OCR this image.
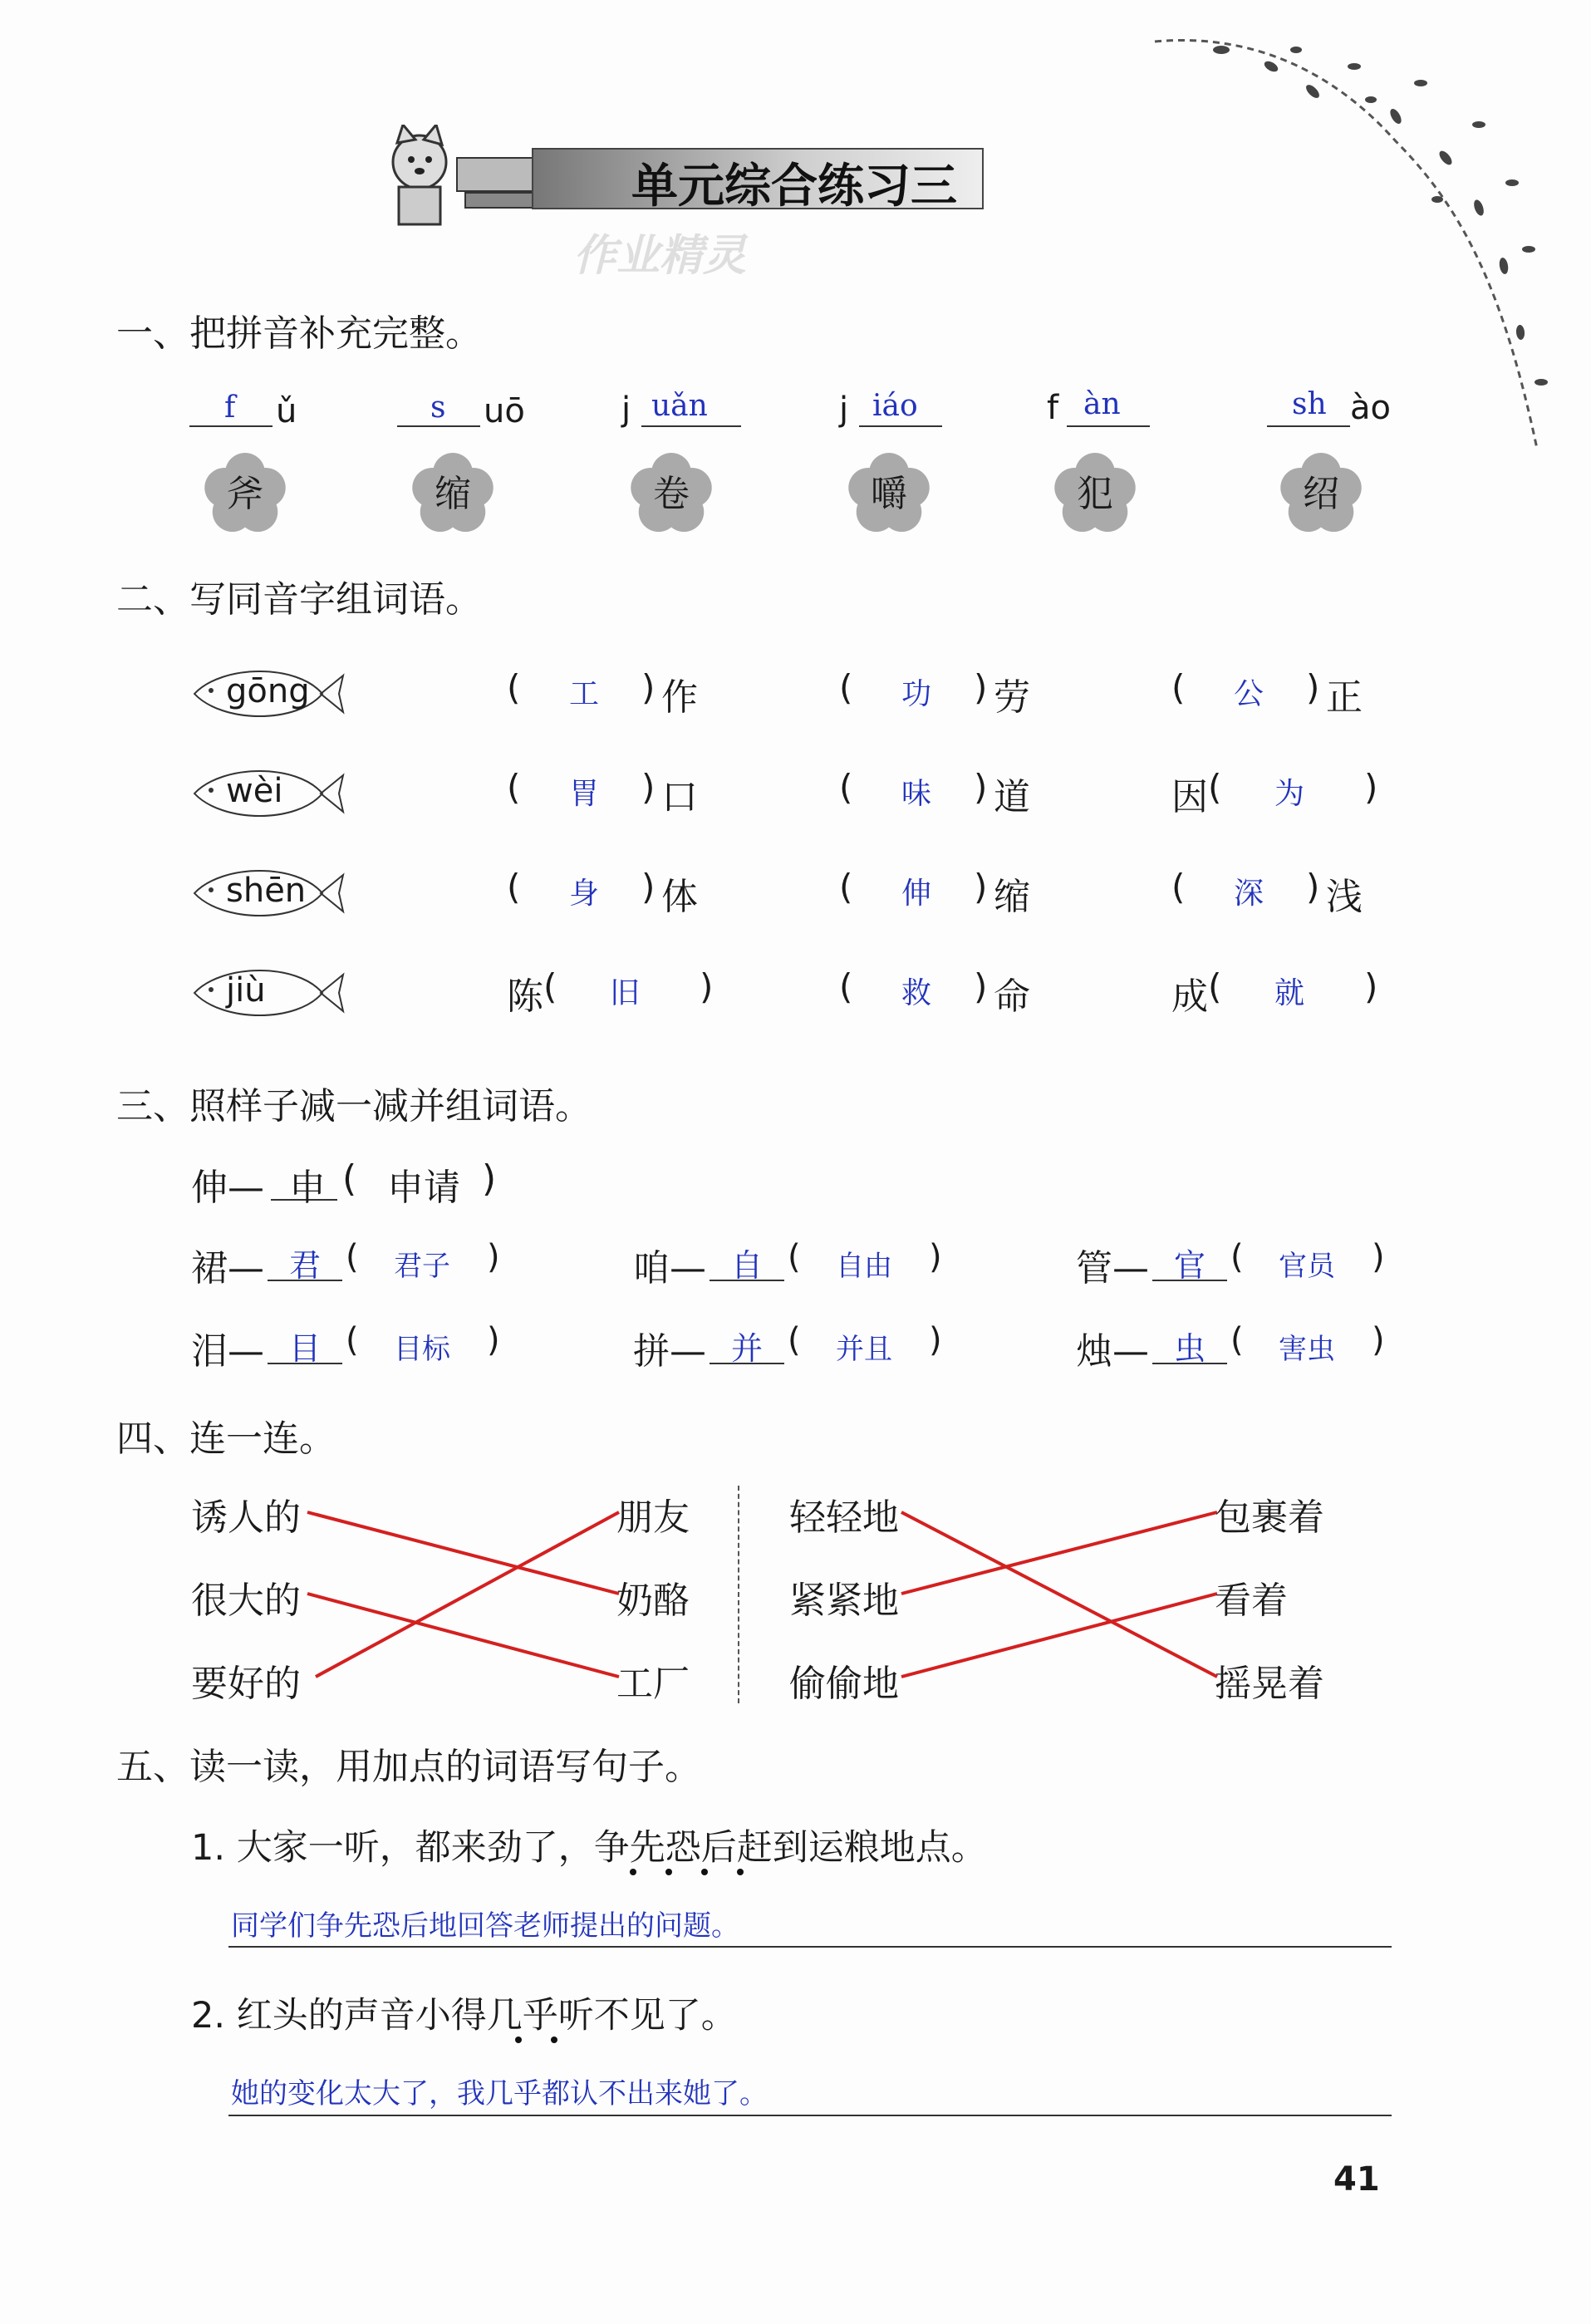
单元综合练习三
作业精灵
一、把拼音补充完整。
f ǔ	s uō	j uǎn	j iáo	f àn	sh ào
斧	缩	卷	嚼	犯	绍
二、写同音字组词语。
gōng	( 工 ) 作	( 功 ) 劳	( 公 ) 正
wèi	( 胃 ) 口	( 味 ) 道	因 ( 为 )
shēn	( 身 ) 体	( 伸 ) 缩	( 深 ) 浅
jiù	陈 ( 旧 )	( 救 ) 命	成 ( 就 )
三、照样子减一减并组词语。
伸— 申 ( 申请 )
裙— 君 ( 君子 )	咱— 自 ( 自由 )	管— 官 ( 官员 )
泪— 目 ( 目标 )	拼— 并 ( 并且 )	烛— 虫 ( 害虫 )
四、连一连。
诱人的
很大的
要好的
朋友
奶酪
工厂
轻轻地
紧紧地
偷偷地
包裹着
看着
摇晃着
五、读一读，用加点的词语写句子。
1. 大家一听，都来劲了，争先恐后赶到运粮地点。
同学们争先恐后地回答老师提出的问题。
2. 红头的声音小得几乎听不见了。
她的变化太大了，我几乎都认不出来她了。
41
